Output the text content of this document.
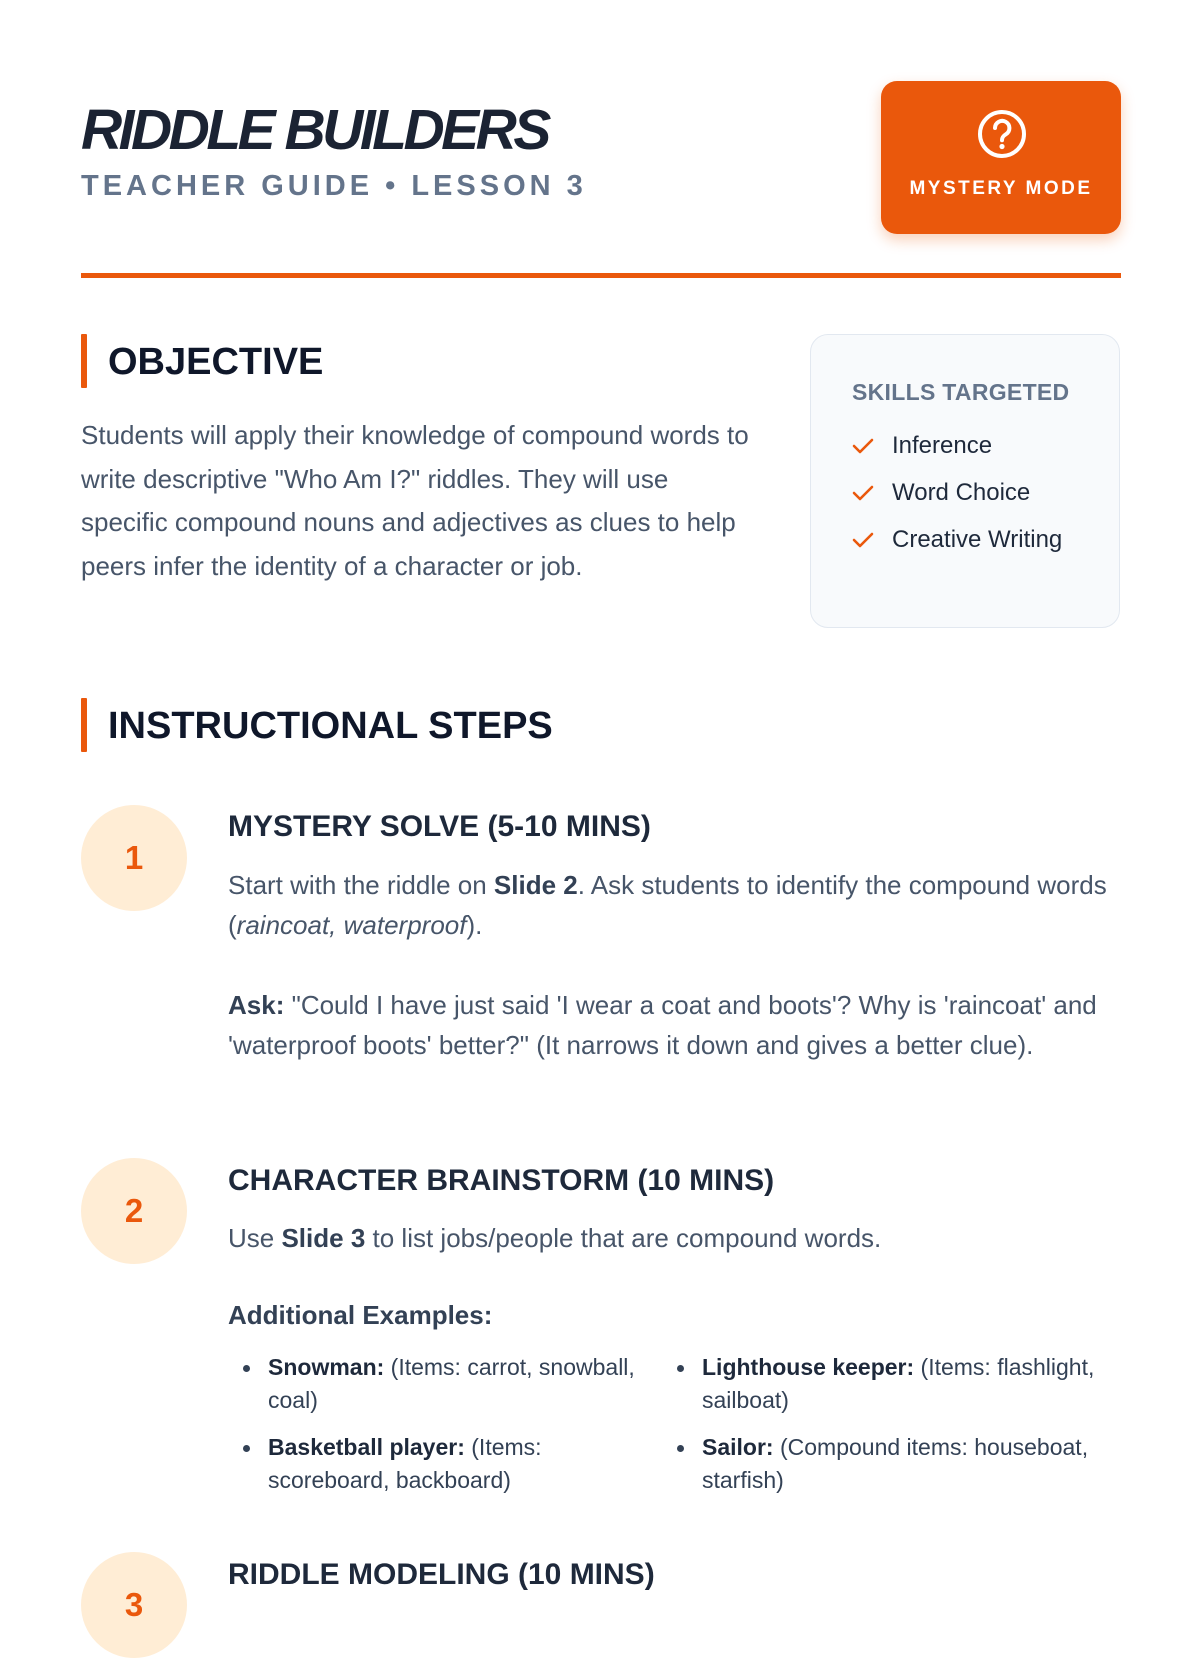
RIDDLE BUILDERS
TEACHER GUIDE • LESSON 3	MYSTERY MODE
OBJECTIVE

Students will apply their knowledge of compound words to write descriptive "Who Am I?" riddles. They will use specific compound nouns and adjectives as clues to help peers infer the identity of a character or job.

SKILLS TARGETED
Inference
Word Choice
Creative Writing
INSTRUCTIONAL STEPS
1
MYSTERY SOLVE (5-10 MINS)

Start with the riddle on Slide 2. Ask students to identify the compound words (raincoat, waterproof).

Ask: "Could I have just said 'I wear a coat and boots'? Why is 'raincoat' and 'waterproof boots' better?" (It narrows it down and gives a better clue).

2
CHARACTER BRAINSTORM (10 MINS)

Use Slide 3 to list jobs/people that are compound words.

Additional Examples:

Snowman: (Items: carrot, snowball, coal)

Lighthouse keeper: (Items: flashlight, sailboat)

Basketball player: (Items: scoreboard, backboard)

Sailor: (Compound items: houseboat, starfish)

3
RIDDLE MODELING (10 MINS)
